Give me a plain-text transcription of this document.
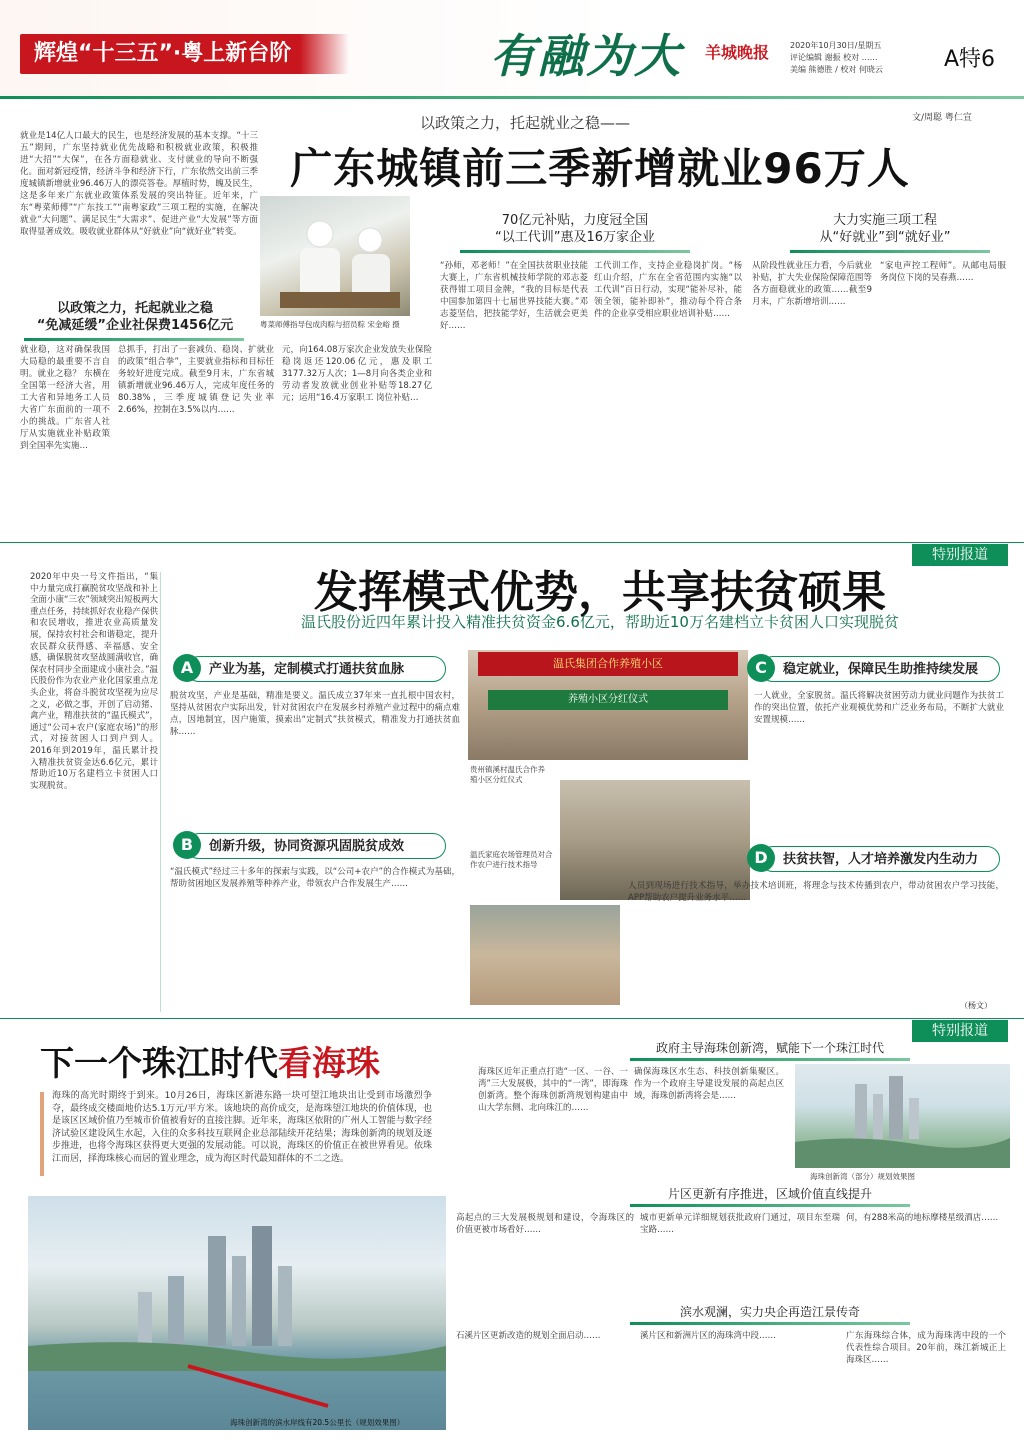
辉煌“十三五”·粤上新台阶	有融为大 羊城晚报	2020年10月30日/星期五
评论编辑 谢振 校对 ……
美编 熊德胜 / 校对 何晓云	A特6
以政策之力，托起就业之稳——	文/周聪 粤仁宣
广东城镇前三季新增就业96万人
就业是14亿人口最大的民生，也是经济发展的基本支撑。“十三五”期间，广东坚持就业优先战略和积极就业政策，积极推进“大招”“大保”，在各方面稳就业、支付就业的导向不断强化。面对新冠疫情，经济斗争和经济下行，广东依然交出前三季度城镇新增就业96.46万人的漂亮答卷。厚植时势，魄及民生，这是多年来广东就业政策体系发展的突出特征。近年来，广东“粤菜师傅”“广东技工”“南粤家政”三项工程的实施，在解决就业“大问题”、满足民生“大需求”、促进产业“大发展”等方面取得显著成效。吸收就业群体从“好就业”向“就好业”转变。
粤菜师傅指导包成肉粽与招员粽 宋金峪 摄
以政策之力，托起就业之稳
“免减延缓”企业社保费1456亿元
70亿元补贴，力度冠全国
“以工代训”惠及16万家企业
大力实施三项工程
从“好就业”到“就好业”
就业稳，这对确保我国大局稳的最重要不言自明。就业之稳？ 东横在全国第一经济大省，用工大省和异地务工人员大省广东面前的一项不小的挑战。广东省人社厅从实施就业补贴政策到全国率先实施…
总抓手，打出了一套减负、稳岗、扩就业的政策“组合拳”，主要就业指标和目标任务较好进度完成。截至9月末，广东省城镇新增就业96.46万人，完成年度任务的80.38%，三季度城镇登记失业率2.66%，控制在3.5%以内……
元，向164.08万家次企业发放失业保险稳岗返还120.06亿元，惠及职工3177.32万人次；1—8月向各类企业和劳动者发放就业创业补贴等18.27亿元；运用“16.4万家职工 岗位补贴…
“孙师，邓老师！”在全国扶贫职业技能大赛上，广东省机械技师学院的邓志菱获得钳工项目金牌，“我的目标是代表中国参加第四十七届世界技能大赛。”邓志菱坚信，把技能学好，生活就会更美好……
工代训工作，支持企业稳岗扩岗。“杨红山介绍，广东在全省范围内实施“以工代训”百日行动，实现“能补尽补，能领全领，能补即补”，推动每个符合条件的企业享受相应职业培训补贴……
从阶段性就业压力看，今后就业补贴，扩大失业保险保障范围等各方面稳就业的政策……截至9月末，广东新增培训……
“家电声控工程师”。从邮电局服务岗位下岗的吴春燕……
特别报道
发挥模式优势，共享扶贫硕果
温氏股份近四年累计投入精准扶贫资金6.6亿元，帮助近10万名建档立卡贫困人口实现脱贫
2020年中央一号文件指出，“集中力量完成打赢脱贫攻坚战和补上全面小康“三农”领域突出短板两大重点任务，持续抓好农业稳产保供和农民增收，推进农业高质量发展，保持农村社会和谐稳定，提升农民群众获得感、幸福感、安全感，确保脱贫攻坚战圆满收官，确保农村同步全面建成小康社会。”温氏股份作为农业产业化国家重点龙头企业，将奋斗脱贫攻坚视为应尽之义，必做之事，开创了启动猪、禽产业，精准扶贫的“温氏模式”，通过“公司+农户(家庭农场)”的形式，对接贫困人口到户到人。2016年到2019年，温氏累计投入精准扶贫资金达6.6亿元，累计帮助近10万名建档立卡贫困人口实现脱贫。
A	产业为基，定制模式打通扶贫血脉
脱贫攻坚，产业是基础，精准是要义。温氏成立37年来一直扎根中国农村，坚持从贫困农户实际出发，针对贫困农户在发展乡村养殖产业过程中的痛点难点，因地制宜，因户施策，摸索出“定制式”扶贫模式，精准发力打通扶贫血脉……
B	创新升级，协同资源巩固脱贫成效
“温氏模式”经过三十多年的探索与实践，以“公司+农户”的合作模式为基础，帮助贫困地区发展养殖等种养产业，带领农户合作发展生产……
温氏集团合作养殖小区
养殖小区分红仪式
贵州镇溪村温氏合作养殖小区分红仪式
温氏家庭农场管理员对合作农户进行技术指导
C	稳定就业，保障民生助推持续发展
一人就业，全家脱贫。温氏将解决贫困劳动力就业问题作为扶贫工作的突出位置，依托产业观模优势和广泛业务布局，不断扩大就业安置规模……
D	扶贫扶智，人才培养激发内生动力
人员到现场进行技术指导，举办技术培训班，将理念与技术传播到农户，带动贫困农户学习技能，APP帮助农户提升业务水平……
（杨文）
特别报道
下一个珠江时代看海珠
海珠的高光时期终于到来。10月26日，海珠区新港东路一块可望江地块出让受到市场激烈争夺，最终成交楼面地价达5.1万元/平方米。该地块的高价成交，是海珠望江地块的价值体现，也是该区区域价值乃至城市价值被看好的直接注脚。近年来，海珠区依附的广州人工智能与数字经济试验区建设风生水起，入住的众多科技互联网企业总部陆续开花结果；海珠创新湾的规划及逐步推进，也将令海珠区获得更大更强的发展动能。可以说，海珠区的价值正在被世界看见。依珠江而居，择海珠核心而居的置业理念，成为海区时代最知群体的不二之选。
政府主导海珠创新湾，赋能下一个珠江时代
海珠区近年正重点打造“一区、一谷、一湾”三大发展极，其中的“一湾”，即海珠创新湾。整个海珠创新湾规划构建由中山大学东侧、北向珠江的……
确保海珠区水生态、科技创新集聚区。作为一个政府主导建设发展的高起点区域，海珠创新湾将会是……
海珠创新湾（部分）规划效果图
海珠创新湾的滨水岸线有20.5公里长（规划效果图）
片区更新有序推进，区域价值直线提升
高起点的三大发展极规划和建设，令海珠区的价值更被市场看好……
城市更新单元详细规划获批政府门通过，项目东至瑞宝路……
何，有288米高的地标摩楼星级酒店……
滨水观澜，实力央企再造江景传奇
石溪片区更新改造的规划全面启动……	溪片区和新洲片区的海珠湾中段……	广东海珠综合体，成为海珠湾中段的一个代表性综合项目。20年前，珠江新城正上海珠区……
